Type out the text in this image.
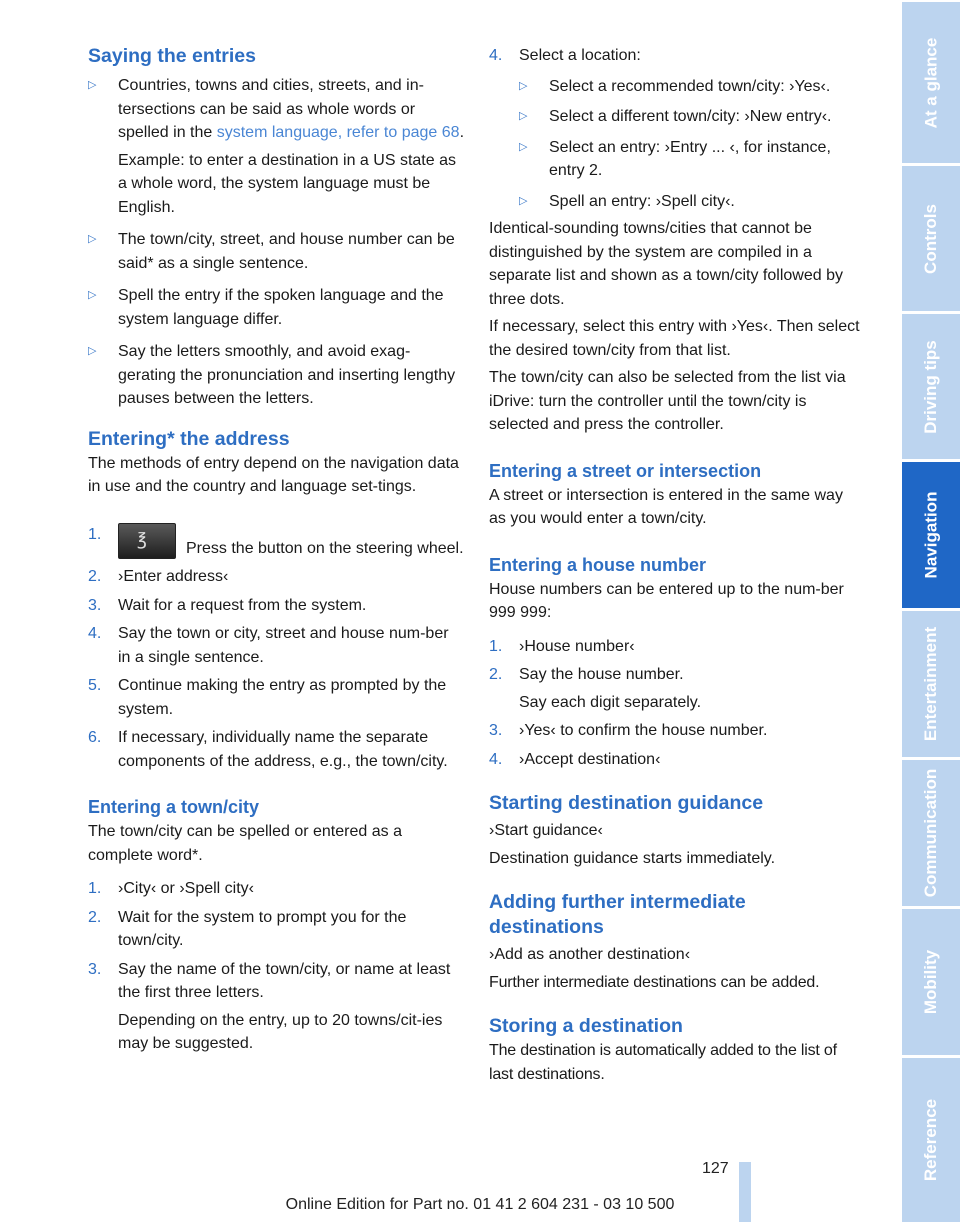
Saying the entries
▷ Countries, towns and cities, streets, and in-tersections can be said as whole words or spelled in the system language, refer to page 68.
Example: to enter a destination in a US state as a whole word, the system language must be English.
▷ The town/city, street, and house number can be said* as a single sentence.
▷ Spell the entry if the spoken language and the system language differ.
▷ Say the letters smoothly, and avoid exag-gerating the pronunciation and inserting lengthy pauses between the letters.
Entering* the address

The methods of entry depend on the navigation data in use and the country and language set-tings.

1. ℥ Press the button on the steering wheel.
2. ›Enter address‹
3. Wait for a request from the system.
4. Say the town or city, street and house num-ber in a single sentence.
5. Continue making the entry as prompted by the system.
6. If necessary, individually name the separate components of the address, e.g., the town/city.
Entering a town/city

The town/city can be spelled or entered as a complete word*.

1. ›City‹ or ›Spell city‹
2. Wait for the system to prompt you for the town/city.
3. Say the name of the town/city, or name at least the first three letters.
Depending on the entry, up to 20 towns/cit-ies may be suggested.
4. Select a location:
▷ Select a recommended town/city: ›Yes‹.
▷ Select a different town/city: ›New entry‹.
▷ Select an entry: ›Entry ... ‹, for instance, entry 2.
▷ Spell an entry: ›Spell city‹.

Identical-sounding towns/cities that cannot be distinguished by the system are compiled in a separate list and shown as a town/city followed by three dots.

If necessary, select this entry with ›Yes‹. Then select the desired town/city from that list.

The town/city can also be selected from the list via iDrive: turn the controller until the town/city is selected and press the controller.

Entering a street or intersection

A street or intersection is entered in the same way as you would enter a town/city.

Entering a house number

House numbers can be entered up to the num-ber 999 999:

1. ›House number‹
2. Say the house number.
Say each digit separately.
3. ›Yes‹ to confirm the house number.
4. ›Accept destination‹
Starting destination guidance

›Start guidance‹

Destination guidance starts immediately.

Adding further intermediate destinations

›Add as another destination‹

Further intermediate destinations can be added.

Storing a destination

The destination is automatically added to the list of last destinations.

At a glance
Controls
Driving tips
Navigation
Entertainment
Communication
Mobility
Reference
127
Online Edition for Part no. 01 41 2 604 231 - 03 10 500
